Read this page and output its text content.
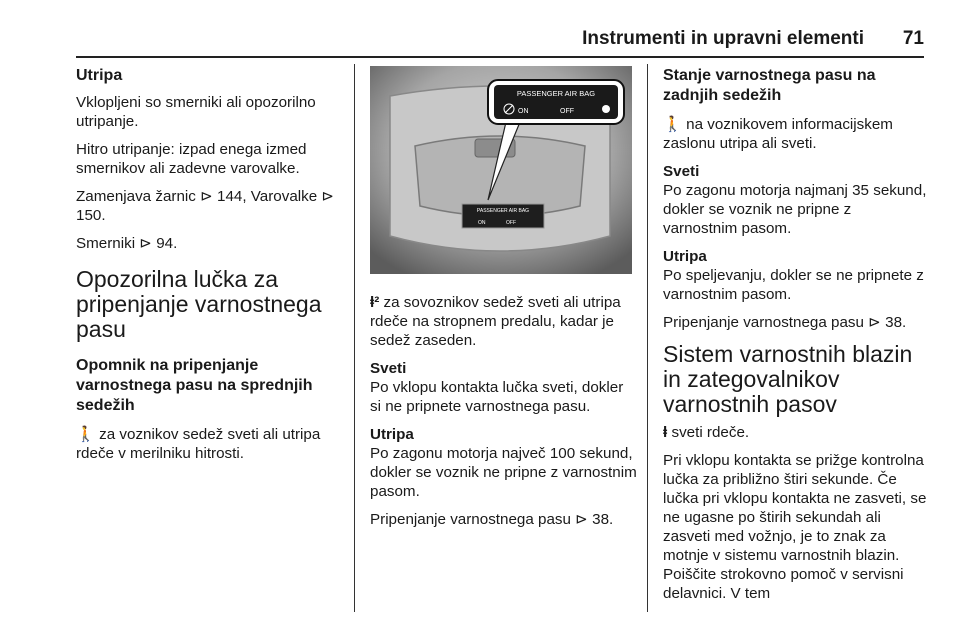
Instrumenti in upravni elementi 71
Utripa

Vklopljeni so smerniki ali opozorilno utripanje.

Hitro utripanje: izpad enega izmed smernikov ali zadevne varovalke.

Zamenjava žarnic ⊳ 144, Varovalke ⊳ 150.

Smerniki ⊳ 94.

Opozorilna lučka za pripenjanje varnostnega pasu
Opomnik na pripenjanje varnostnega pasu na sprednjih sedežih

🚶 za voznikov sedež sveti ali utripa rdeče v merilniku hitrosti.

PASSENGER AIR BAG
ON	OFF
PASSENGER AIR BAG
ON	OFF

ⱡ² za sovoznikov sedež sveti ali utripa rdeče na stropnem predalu, kadar je sedež zaseden.

Sveti

Po vklopu kontakta lučka sveti, dokler si ne pripnete varnostnega pasu.

Utripa

Po zagonu motorja največ 100 sekund, dokler se voznik ne pripne z varnostnim pasom.

Pripenjanje varnostnega pasu ⊳ 38.

Stanje varnostnega pasu na zadnjih sedežih

🚶 na voznikovem informacijskem zaslonu utripa ali sveti.

Sveti

Po zagonu motorja najmanj 35 sekund, dokler se voznik ne pripne z varnostnim pasom.

Utripa

Po speljevanju, dokler se ne pripnete z varnostnim pasom.

Pripenjanje varnostnega pasu ⊳ 38.

Sistem varnostnih blazin in zategovalnikov varnostnih pasov

ⱡ sveti rdeče.

Pri vklopu kontakta se prižge kontrolna lučka za približno štiri sekunde. Če lučka pri vklopu kontakta ne zasveti, se ne ugasne po štirih sekundah ali zasveti med vožnjo, je to znak za motnje v sistemu varnostnih blazin. Poiščite strokovno pomoč v servisni delavnici. V tem
